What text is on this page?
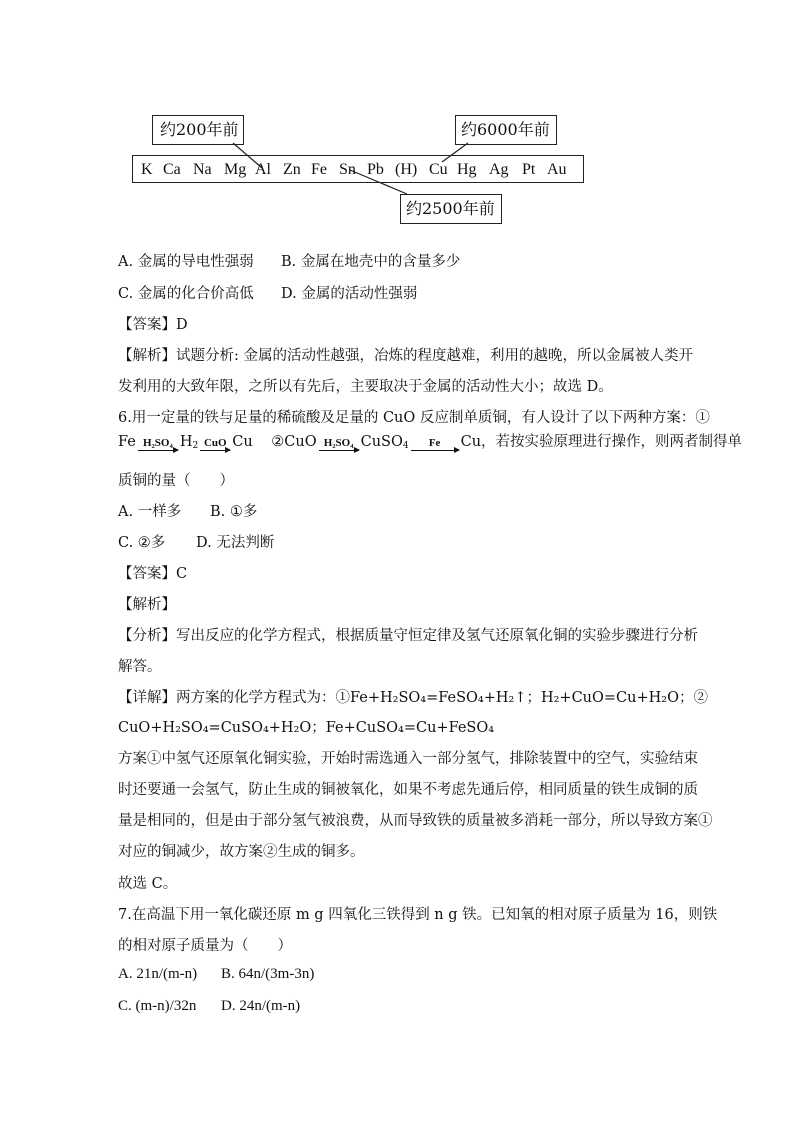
约200年前	约6000年前
约2500年前
K Ca Na Mg Al Zn Fe Sn Pb (H) Cu Hg Ag Pt Au
A. 金属的导电性强弱 B. 金属在地壳中的含量多少
C. 金属的化合价高低 D. 金属的活动性强弱
【答案】D
【解析】试题分析: 金属的活动性越强，冶炼的程度越难，利用的越晚，所以金属被人类开
发利用的大致年限，之所以有先后，主要取决于金属的活动性大小；故选 D。
6.用一定量的铁与足量的稀硫酸及足量的 CuO 反应制单质铜，有人设计了以下两种方案：①
Fe H₂SO₄ $H_2$ CuO Cu ②CuO H₂SO₄ CuSO$_4$	Fe	Cu，若按实验原理进行操作，则两者制得单
质铜的量（　　）
A. 一样多 B. ①多
C. ②多 D. 无法判断
【答案】C
【解析】
【分析】写出反应的化学方程式，根据质量守恒定律及氢气还原氧化铜的实验步骤进行分析
解答。
【详解】两方案的化学方程式为：①Fe+H₂SO₄=FeSO₄+H₂↑；H₂+CuO=Cu+H₂O；②
CuO+H₂SO₄=CuSO₄+H₂O；Fe+CuSO₄=Cu+FeSO₄
方案①中氢气还原氧化铜实验，开始时需选通入一部分氢气，排除装置中的空气，实验结束
时还要通一会氢气，防止生成的铜被氧化，如果不考虑先通后停，相同质量的铁生成铜的质
量是相同的，但是由于部分氢气被浪费，从而导致铁的质量被多消耗一部分，所以导致方案①
对应的铜减少，故方案②生成的铜多。
故选 C。
7.在高温下用一氧化碳还原 m g 四氧化三铁得到 n g 铁。已知氧的相对原子质量为 16，则铁
的相对原子质量为（　　）
A. 21n/(m-n) B. 64n/(3m-3n)
C. (m-n)/32n D. 24n/(m-n)
